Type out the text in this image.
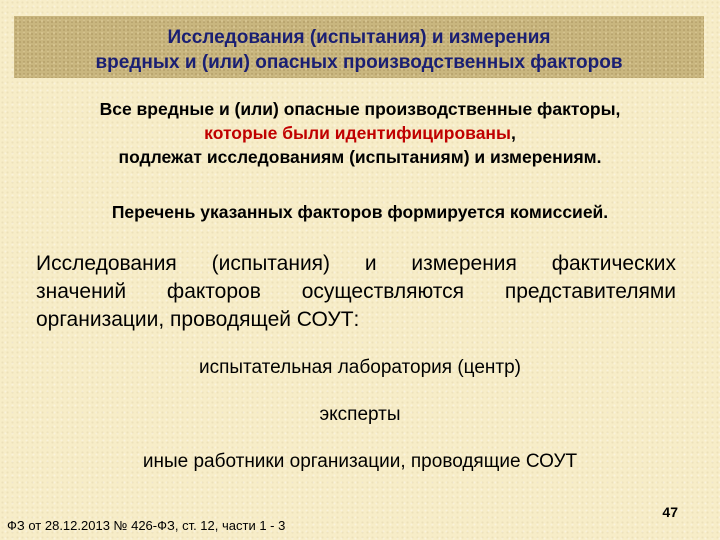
Исследования (испытания) и измерения
вредных и (или) опасных производственных факторов
Все вредные и (или) опасные производственные факторы,
которые были идентифицированы,
подлежат исследованиям (испытаниям) и измерениям.
Перечень указанных факторов формируется комиссией.
Исследования (испытания) и измерения фактических
значений факторов осуществляются представителями
организации, проводящей СОУТ:
испытательная лаборатория (центр)
эксперты
иные работники организации, проводящие СОУТ
ФЗ от 28.12.2013 № 426-ФЗ, ст. 12, части 1 - 3
47
